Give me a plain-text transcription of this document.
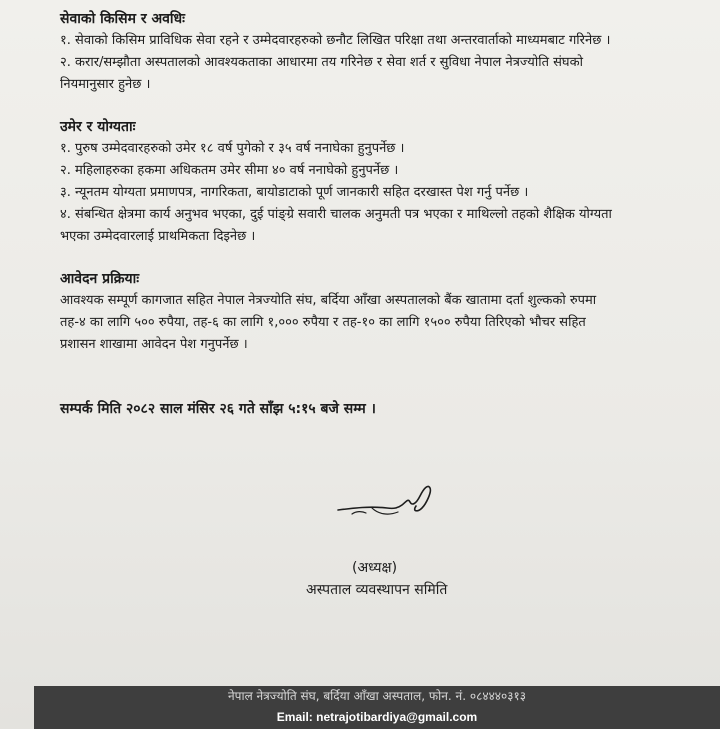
सेवाको किसिम र अवधिः

१. सेवाको किसिम प्राविधिक सेवा रहने र उम्मेदवारहरुको छनौट लिखित परिक्षा तथा अन्तरवार्ताको माध्यमबाट गरिनेछ ।

२. करार/सम्झौता अस्पतालको आवश्यकताका आधारमा तय गरिनेछ र सेवा शर्त र सुविधा नेपाल नेत्रज्योति संघको

नियमानुसार हुनेछ ।

उमेर र योग्यताः

१. पुरुष उम्मेदवारहरुको उमेर १८ वर्ष पुगेको र ३५ वर्ष ननाघेका हुनुपर्नेछ ।

२. महिलाहरुका हकमा अधिकतम उमेर सीमा ४० वर्ष ननाघेको हुनुपर्नेछ ।

३. न्यूनतम योग्यता प्रमाणपत्र, नागरिकता, बायोडाटाको पूर्ण जानकारी सहित दरखास्त पेश गर्नु पर्नेछ ।

४. संबन्धित क्षेत्रमा कार्य अनुभव भएका, दुई पांङ्ग्रे सवारी चालक अनुमती पत्र भएका र माथिल्लो तहको शैक्षिक योग्यता

भएका उम्मेदवारलाई प्राथमिकता दिइनेछ ।

आवेदन प्रक्रियाः

आवश्यक सम्पूर्ण कागजात सहित नेपाल नेत्रज्योति संघ, बर्दिया आँखा अस्पतालको बैंक खातामा दर्ता शुल्कको रुपमा

तह-४ का लागि ५०० रुपैया, तह-६ का लागि १,००० रुपैया र तह-१० का लागि १५०० रुपैया तिरिएको भौचर सहित

प्रशासन शाखामा आवेदन पेश गनुपर्नेछ ।

सम्पर्क मिति २०८२ साल मंसिर २६ गते साँझ ५:१५ बजे सम्म ।
(अध्यक्ष)
अस्पताल व्यवस्थापन समिति
नेपाल नेत्रज्योति संघ, बर्दिया आँखा अस्पताल, फोन. नं. ०८४४४०३१३
Email: netrajotibardiya@gmail.com
